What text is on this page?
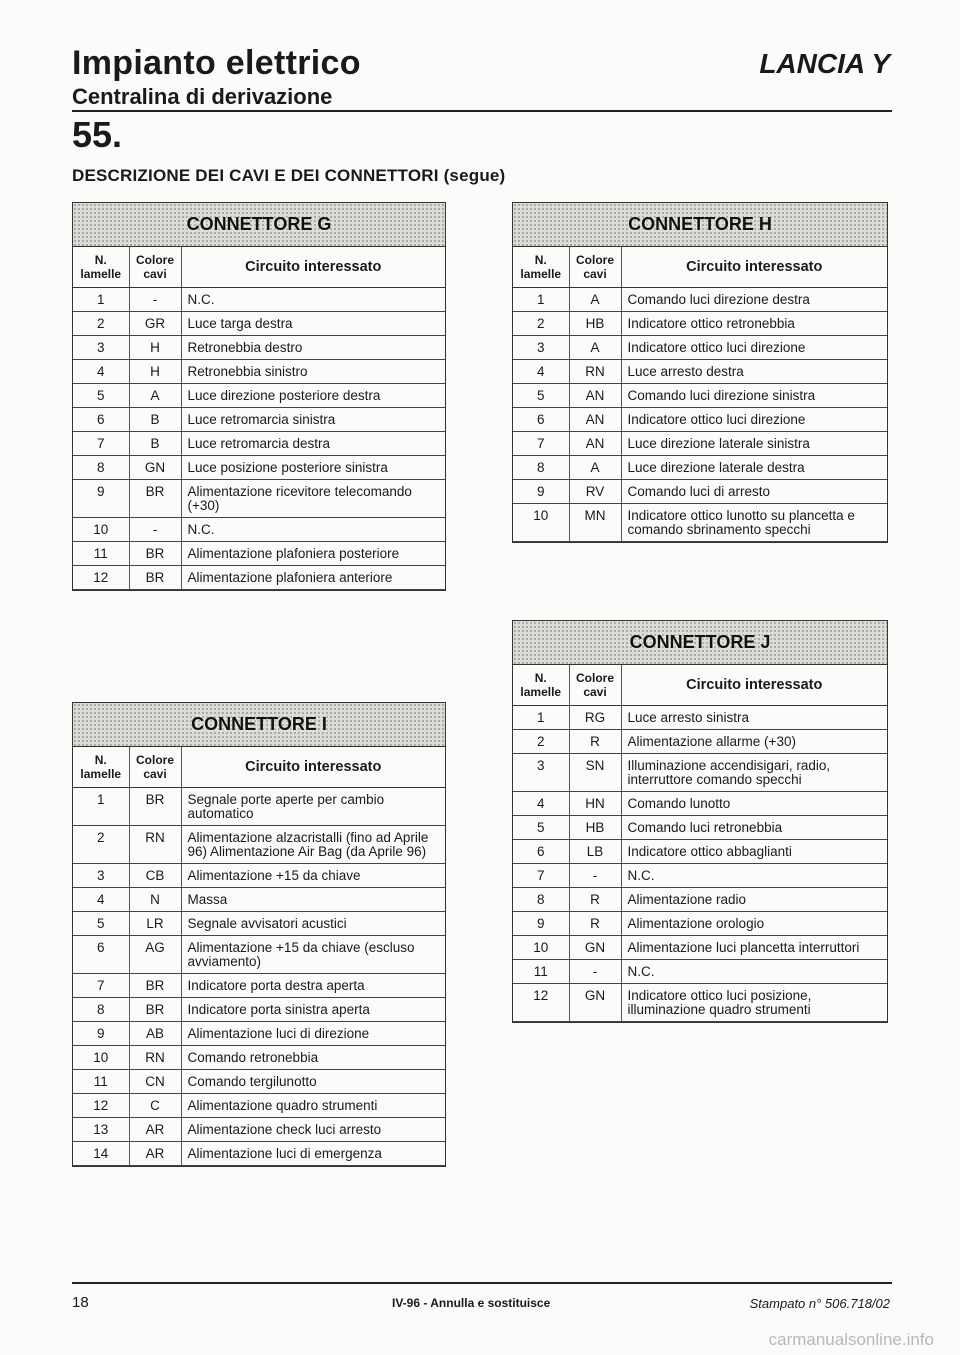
Impianto elettrico
Centralina di derivazione
LANCIA Y
55.
DESCRIZIONE DEI CAVI E DEI CONNETTORI (segue)
CONNETTORE G
N. lamelle	Colore cavi	Circuito interessato
1	-	N.C.
2	GR	Luce targa destra
3	H	Retronebbia destro
4	H	Retronebbia sinistro
5	A	Luce direzione posteriore destra
6	B	Luce retromarcia sinistra
7	B	Luce retromarcia destra
8	GN	Luce posizione posteriore sinistra
9	BR	Alimentazione ricevitore telecomando (+30)
10	-	N.C.
11	BR	Alimentazione plafoniera posteriore
12	BR	Alimentazione plafoniera anteriore
CONNETTORE H
N. lamelle	Colore cavi	Circuito interessato
1	A	Comando luci direzione destra
2	HB	Indicatore ottico retronebbia
3	A	Indicatore ottico luci direzione
4	RN	Luce arresto destra
5	AN	Comando luci direzione sinistra
6	AN	Indicatore ottico luci direzione
7	AN	Luce direzione laterale sinistra
8	A	Luce direzione laterale destra
9	RV	Comando luci di arresto
10	MN	Indicatore ottico lunotto su plancetta e comando sbrinamento specchi
CONNETTORE I
N. lamelle	Colore cavi	Circuito interessato
1	BR	Segnale porte aperte per cambio automatico
2	RN	Alimentazione alzacristalli (fino ad Aprile 96) Alimentazione Air Bag (da Aprile 96)
3	CB	Alimentazione +15 da chiave
4	N	Massa
5	LR	Segnale avvisatori acustici
6	AG	Alimentazione +15 da chiave (escluso avviamento)
7	BR	Indicatore porta destra aperta
8	BR	Indicatore porta sinistra aperta
9	AB	Alimentazione luci di direzione
10	RN	Comando retronebbia
11	CN	Comando tergilunotto
12	C	Alimentazione quadro strumenti
13	AR	Alimentazione check luci arresto
14	AR	Alimentazione luci di emergenza
CONNETTORE J
N. lamelle	Colore cavi	Circuito interessato
1	RG	Luce arresto sinistra
2	R	Alimentazione allarme (+30)
3	SN	Illuminazione accendisigari, radio, interruttore comando specchi
4	HN	Comando lunotto
5	HB	Comando luci retronebbia
6	LB	Indicatore ottico abbaglianti
7	-	N.C.
8	R	Alimentazione radio
9	R	Alimentazione orologio
10	GN	Alimentazione luci plancetta interruttori
11	-	N.C.
12	GN	Indicatore ottico luci posizione, illuminazione quadro strumenti
18	IV-96 - Annulla e sostituisce	Stampato n° 506.718/02
carmanualsonline.info
